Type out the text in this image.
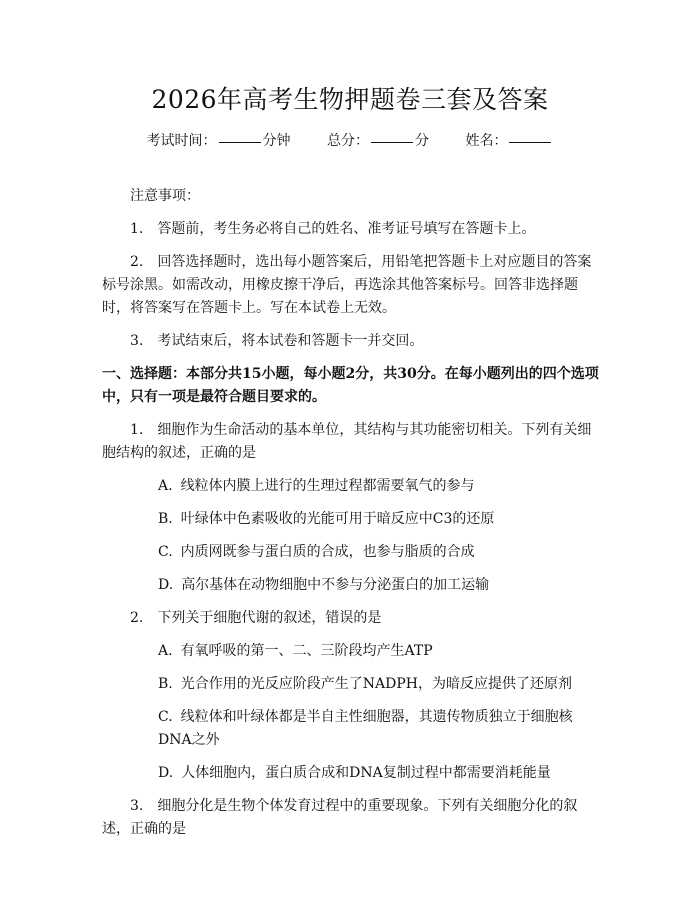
2026年高考生物押题卷三套及答案
考试时间：	分钟	总分：	分	姓名：

注意事项：

1. 答题前，考生务必将自己的姓名、准考证号填写在答题卡上。

2. 回答选择题时，选出每小题答案后，用铅笔把答题卡上对应题目的答案标号涂黑。如需改动，用橡皮擦干净后，再选涂其他答案标号。回答非选择题时，将答案写在答题卡上。写在本试卷上无效。

3. 考试结束后，将本试卷和答题卡一并交回。

一、选择题：本部分共15小题，每小题2分，共30分。在每小题列出的四个选项中，只有一项是最符合题目要求的。

1. 细胞作为生命活动的基本单位，其结构与其功能密切相关。下列有关细胞结构的叙述，正确的是

A. 线粒体内膜上进行的生理过程都需要氧气的参与

B. 叶绿体中色素吸收的光能可用于暗反应中C3的还原

C. 内质网既参与蛋白质的合成，也参与脂质的合成

D. 高尔基体在动物细胞中不参与分泌蛋白的加工运输

2. 下列关于细胞代谢的叙述，错误的是

A. 有氧呼吸的第一、二、三阶段均产生ATP

B. 光合作用的光反应阶段产生了NADPH，为暗反应提供了还原剂

C. 线粒体和叶绿体都是半自主性细胞器，其遗传物质独立于细胞核DNA之外

D. 人体细胞内，蛋白质合成和DNA复制过程中都需要消耗能量

3. 细胞分化是生物个体发育过程中的重要现象。下列有关细胞分化的叙述，正确的是
